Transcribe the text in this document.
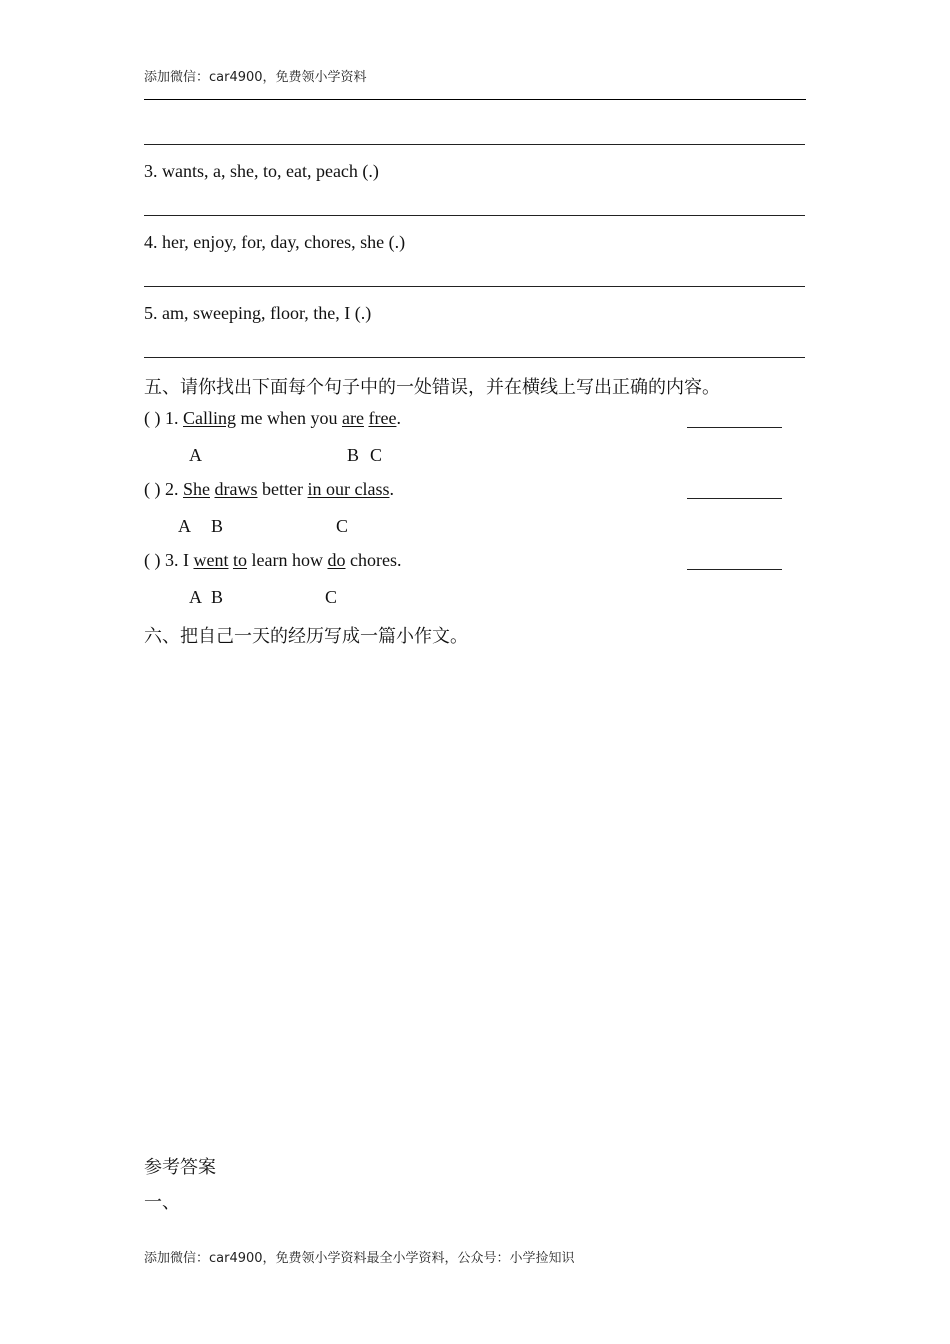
添加微信：car4900，免费领小学资料
3. wants, a, she, to, eat, peach (.)
4. her, enjoy, for, day, chores, she (.)
5. am, sweeping, floor, the, I (.)
五、请你找出下面每个句子中的一处错误，并在横线上写出正确的内容。
( ) 1. Calling me when you are free.
A	B C
( ) 2. She draws better in our class.
A B	C
( ) 3. I went to learn how do chores.
A B	C
六、把自己一天的经历写成一篇小作文。
参考答案
一、
添加微信：car4900，免费领小学资料最全小学资料，公众号：小学捡知识
